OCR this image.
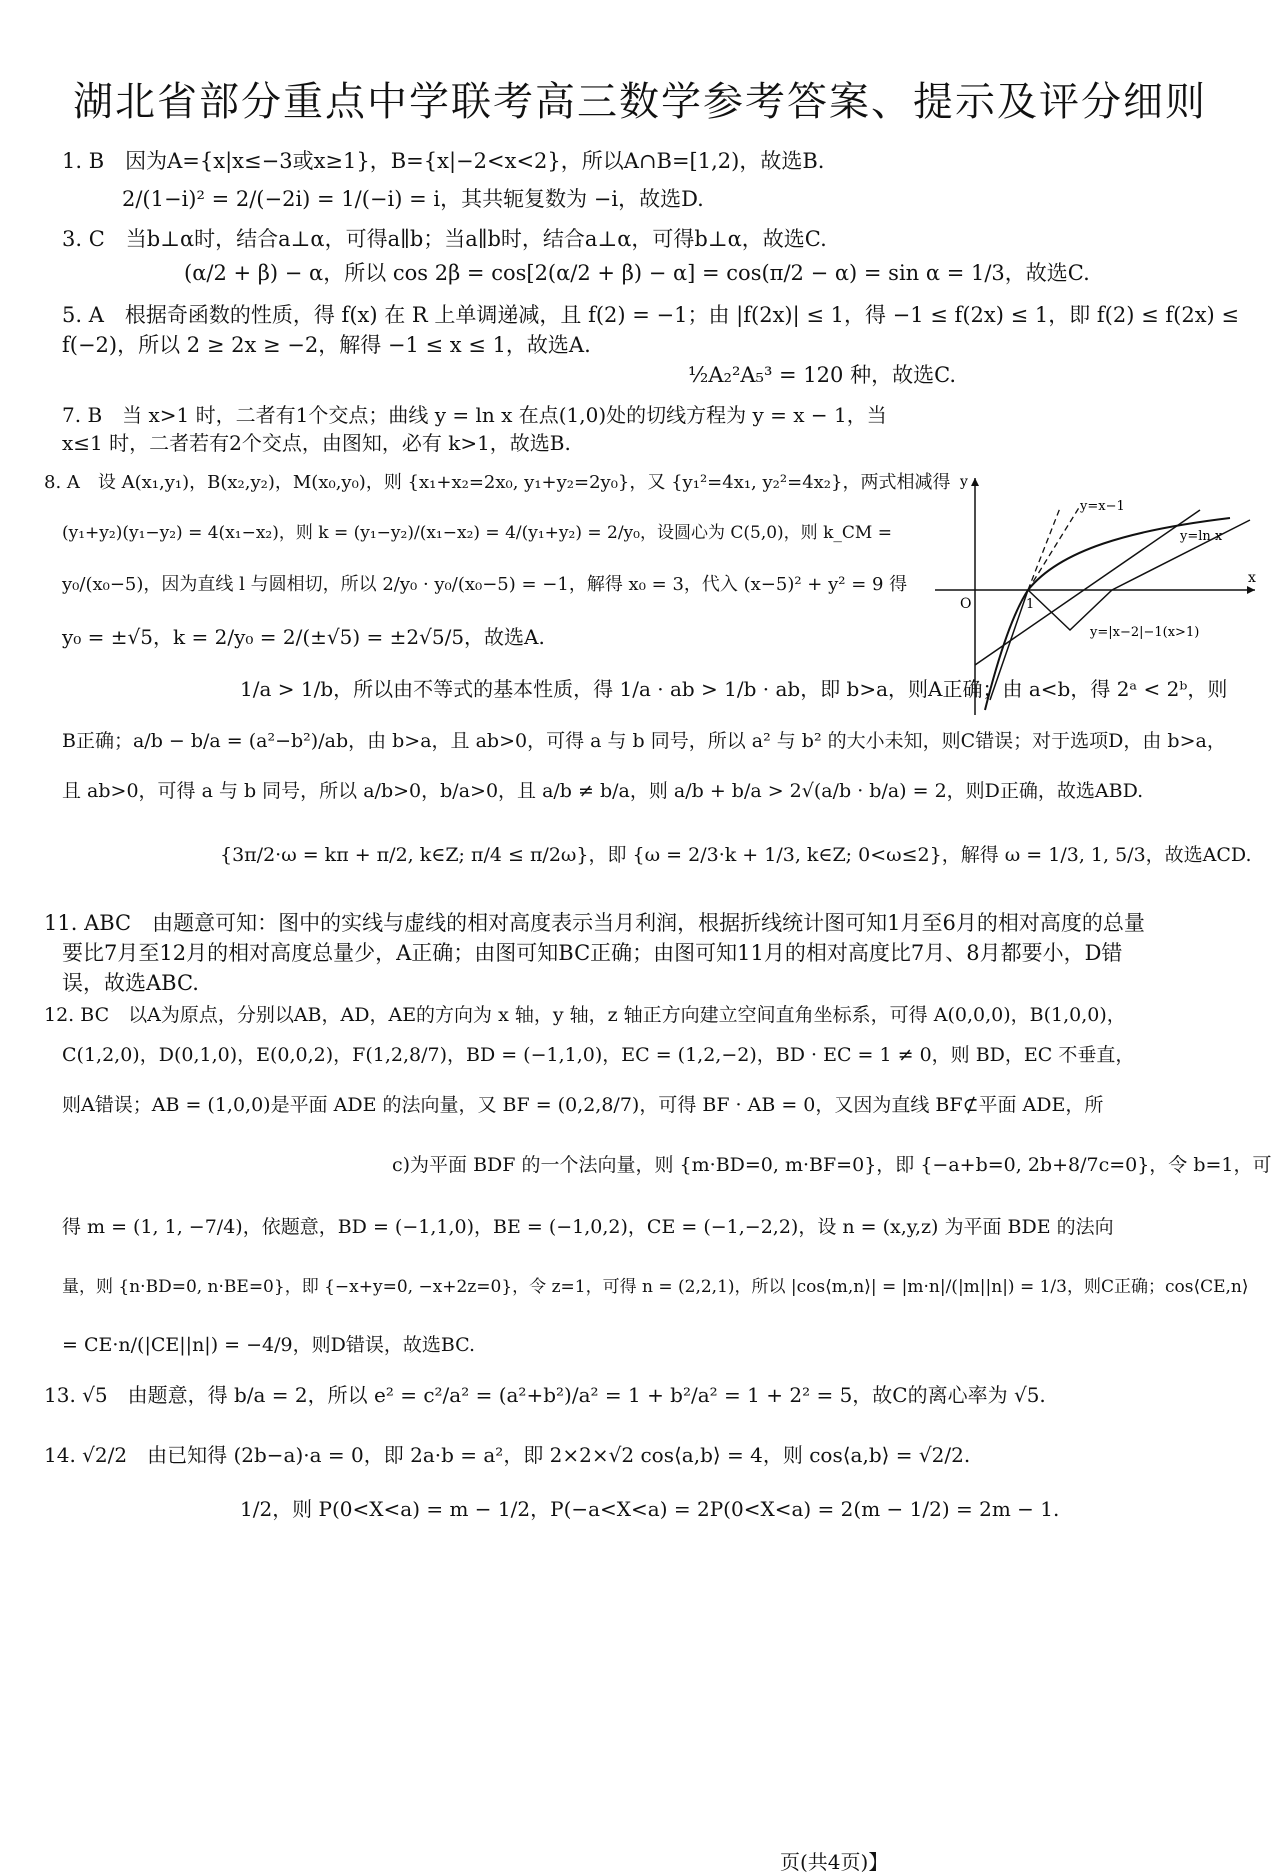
湖北省部分重点中学联考高三数学参考答案、提示及评分细则
1. B　因为A={x|x≤−3或x≥1}，B={x|−2<x<2}，所以A∩B=[1,2)，故选B.
2/(1−i)² = 2/(−2i) = 1/(−i) = i，其共轭复数为 −i，故选D.
3. C　当b⊥α时，结合a⊥α，可得a∥b；当a∥b时，结合a⊥α，可得b⊥α，故选C.
(α/2 + β) − α，所以 cos 2β = cos[2(α/2 + β) − α] = cos(π/2 − α) = sin α = 1/3，故选C.
5. A　根据奇函数的性质，得 f(x) 在 R 上单调递减，且 f(2) = −1；由 |f(2x)| ≤ 1，得 −1 ≤ f(2x) ≤ 1，即 f(2) ≤ f(2x) ≤
f(−2)，所以 2 ≥ 2x ≥ −2，解得 −1 ≤ x ≤ 1，故选A.
½A₂²A₅³ = 120 种，故选C.
7. B　当 x>1 时，二者有1个交点；曲线 y = ln x 在点(1,0)处的切线方程为 y = x − 1，当
x≤1 时，二者若有2个交点，由图知，必有 k>1，故选B.
8. A　设 A(x₁,y₁)，B(x₂,y₂)，M(x₀,y₀)，则 {x₁+x₂=2x₀, y₁+y₂=2y₀}，又 {y₁²=4x₁, y₂²=4x₂}，两式相减得
(y₁+y₂)(y₁−y₂) = 4(x₁−x₂)，则 k = (y₁−y₂)/(x₁−x₂) = 4/(y₁+y₂) = 2/y₀，设圆心为 C(5,0)，则 k_CM =
y₀/(x₀−5)，因为直线 l 与圆相切，所以 2/y₀ · y₀/(x₀−5) = −1，解得 x₀ = 3，代入 (x−5)² + y² = 9 得
y₀ = ±√5，k = 2/y₀ = 2/(±√5) = ±2√5/5，故选A.
1/a > 1/b，所以由不等式的基本性质，得 1/a · ab > 1/b · ab，即 b>a，则A正确；由 a<b，得 2ᵃ < 2ᵇ，则
B正确；a/b − b/a = (a²−b²)/ab，由 b>a，且 ab>0，可得 a 与 b 同号，所以 a² 与 b² 的大小未知，则C错误；对于选项D，由 b>a，
且 ab>0，可得 a 与 b 同号，所以 a/b>0，b/a>0，且 a/b ≠ b/a，则 a/b + b/a > 2√(a/b · b/a) = 2，则D正确，故选ABD.
{3π/2·ω = kπ + π/2, k∈Z; π/4 ≤ π/2ω}，即 {ω = 2/3·k + 1/3, k∈Z; 0<ω≤2}，解得 ω = 1/3, 1, 5/3，故选ACD.
11. ABC　由题意可知：图中的实线与虚线的相对高度表示当月利润，根据折线统计图可知1月至6月的相对高度的总量
要比7月至12月的相对高度总量少，A正确；由图可知BC正确；由图可知11月的相对高度比7月、8月都要小，D错
误，故选ABC.
12. BC　以A为原点，分别以AB，AD，AE的方向为 x 轴，y 轴，z 轴正方向建立空间直角坐标系，可得 A(0,0,0)，B(1,0,0)，
C(1,2,0)，D(0,1,0)，E(0,0,2)，F(1,2,8/7)，BD = (−1,1,0)，EC = (1,2,−2)，BD · EC = 1 ≠ 0，则 BD，EC 不垂直，
则A错误；AB = (1,0,0)是平面 ADE 的法向量，又 BF = (0,2,8/7)，可得 BF · AB = 0，又因为直线 BF⊄平面 ADE，所
c)为平面 BDF 的一个法向量，则 {m·BD=0, m·BF=0}，即 {−a+b=0, 2b+8/7c=0}，令 b=1，可
得 m = (1, 1, −7/4)，依题意，BD = (−1,1,0)，BE = (−1,0,2)，CE = (−1,−2,2)，设 n = (x,y,z) 为平面 BDE 的法向
量，则 {n·BD=0, n·BE=0}，即 {−x+y=0, −x+2z=0}，令 z=1，可得 n = (2,2,1)，所以 |cos⟨m,n⟩| = |m·n|/(|m||n|) = 1/3，则C正确；cos⟨CE,n⟩
= CE·n/(|CE||n|) = −4/9，则D错误，故选BC.
13. √5　由题意，得 b/a = 2，所以 e² = c²/a² = (a²+b²)/a² = 1 + b²/a² = 1 + 2² = 5，故C的离心率为 √5.
14. √2/2　由已知得 (2b−a)·a = 0，即 2a·b = a²，即 2×2×√2 cos⟨a,b⟩ = 4，则 cos⟨a,b⟩ = √2/2.
1/2，则 P(0<X<a) = m − 1/2，P(−a<X<a) = 2P(0<X<a) = 2(m − 1/2) = 2m − 1.
x
y
O	1
y=x−1
y=ln x
y=|x−2|−1(x>1)
页(共4页)】
